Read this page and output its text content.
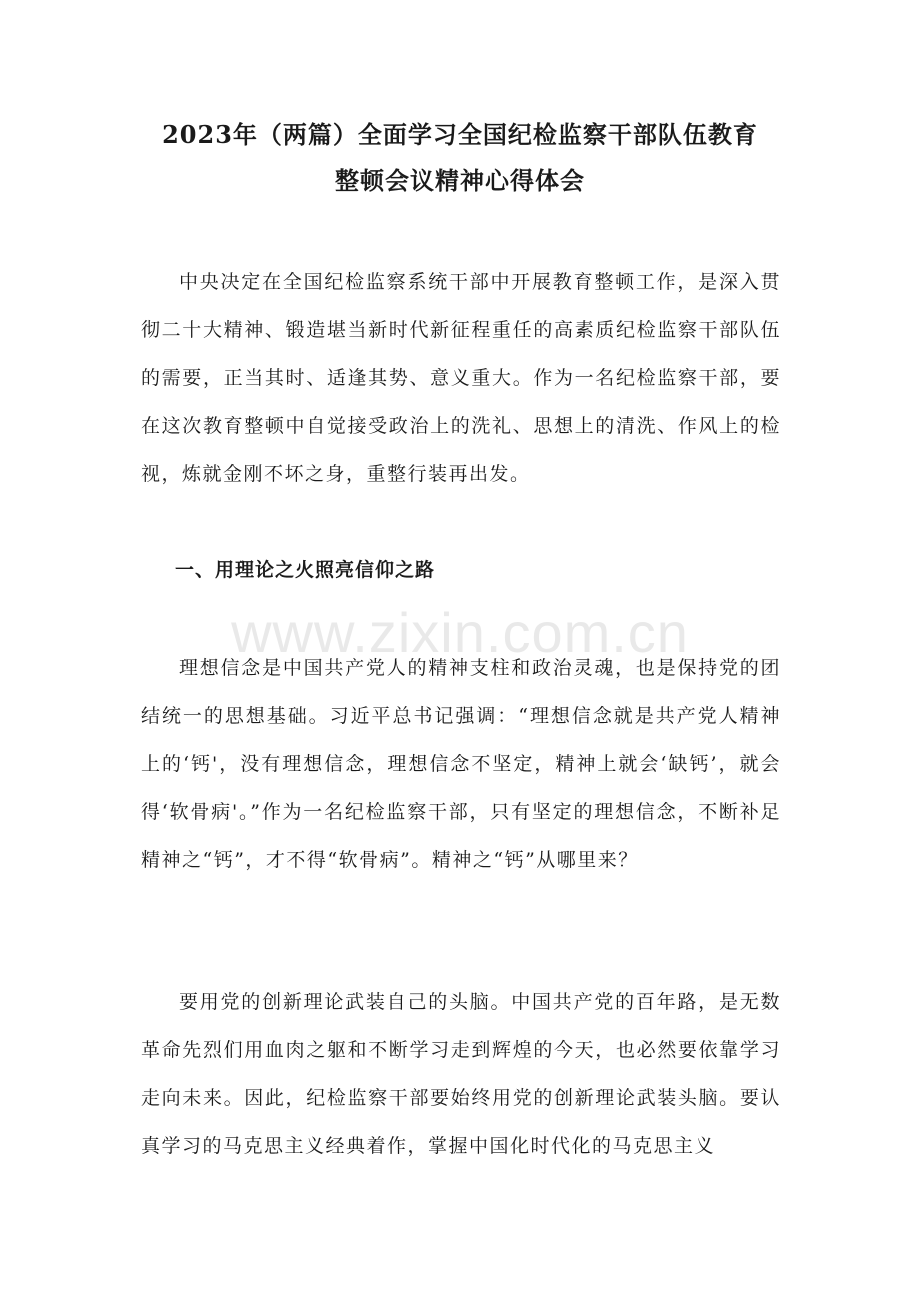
2023年（两篇）全面学习全国纪检监察干部队伍教育
整顿会议精神心得体会

中央决定在全国纪检监察系统干部中开展教育整顿工作，是深入贯彻二十大精神、锻造堪当新时代新征程重任的高素质纪检监察干部队伍的需要，正当其时、适逢其势、意义重大。作为一名纪检监察干部，要在这次教育整顿中自觉接受政治上的洗礼、思想上的清洗、作风上的检视，炼就金刚不坏之身，重整行装再出发。

一、用理论之火照亮信仰之路

www.zixin.com.cn

理想信念是中国共产党人的精神支柱和政治灵魂，也是保持党的团结统一的思想基础。习近平总书记强调：“理想信念就是共产党人精神上的‘钙'，没有理想信念，理想信念不坚定，精神上就会‘缺钙’，就会得‘软骨病'。”作为一名纪检监察干部，只有坚定的理想信念，不断补足精神之“钙”，才不得“软骨病”。精神之“钙”从哪里来？

要用党的创新理论武装自己的头脑。中国共产党的百年路，是无数革命先烈们用血肉之躯和不断学习走到辉煌的今天，也必然要依靠学习走向未来。因此，纪检监察干部要始终用党的创新理论武装头脑。要认真学习的马克思主义经典着作，掌握中国化时代化的马克思主义
